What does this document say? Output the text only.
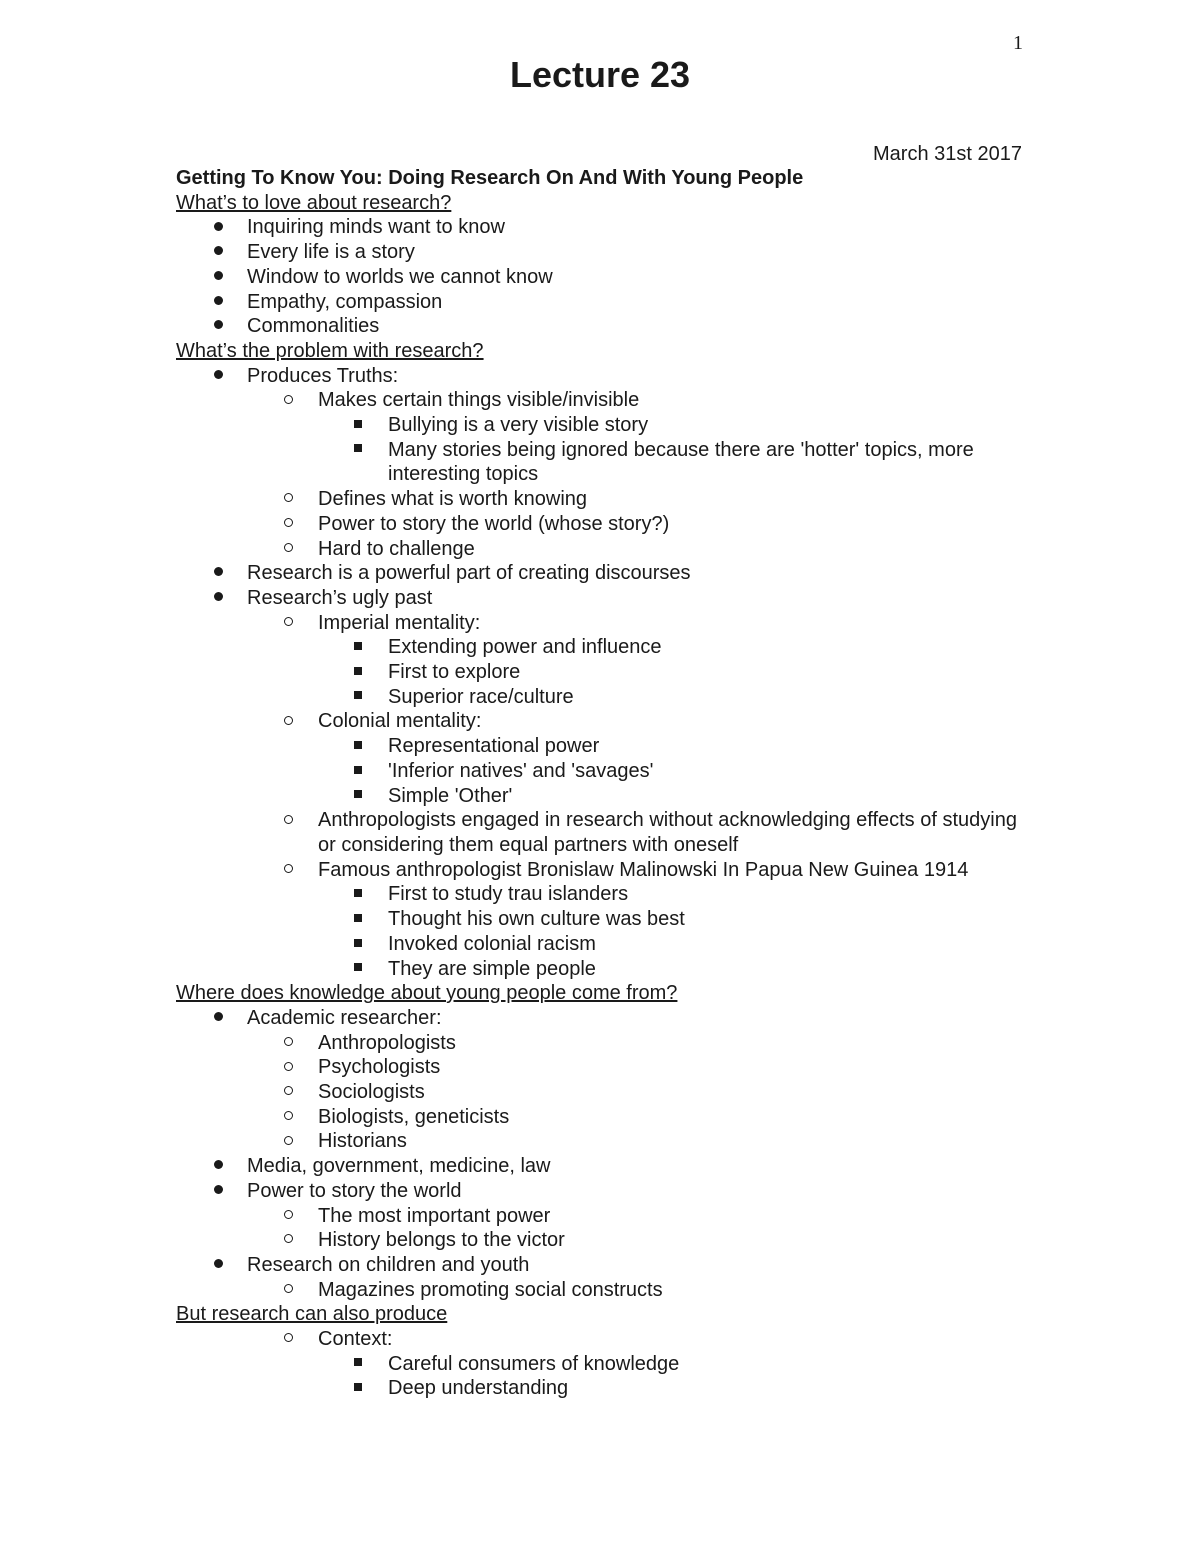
1
Lecture 23
March 31st 2017

Getting To Know You: Doing Research On And With Young People

What’s to love about research?

Inquiring minds want to know
Every life is a story
Window to worlds we cannot know
Empathy, compassion
Commonalities

What’s the problem with research?

Produces Truths:
Makes certain things visible/invisible
Bullying is a very visible story
Many stories being ignored because there are 'hotter' topics, more interesting topics
Defines what is worth knowing
Power to story the world (whose story?)
Hard to challenge
Research is a powerful part of creating discourses
Research’s ugly past
Imperial mentality:
Extending power and influence
First to explore
Superior race/culture
Colonial mentality:
Representational power
'Inferior natives' and 'savages'
Simple 'Other'
Anthropologists engaged in research without acknowledging effects of studying or considering them equal partners with oneself
Famous anthropologist Bronislaw Malinowski In Papua New Guinea 1914
First to study trau islanders
Thought his own culture was best
Invoked colonial racism
They are simple people

Where does knowledge about young people come from?

Academic researcher:
Anthropologists
Psychologists
Sociologists
Biologists, geneticists
Historians
Media, government, medicine, law
Power to story the world
The most important power
History belongs to the victor
Research on children and youth
Magazines promoting social constructs

But research can also produce

Context:
Careful consumers of knowledge
Deep understanding
